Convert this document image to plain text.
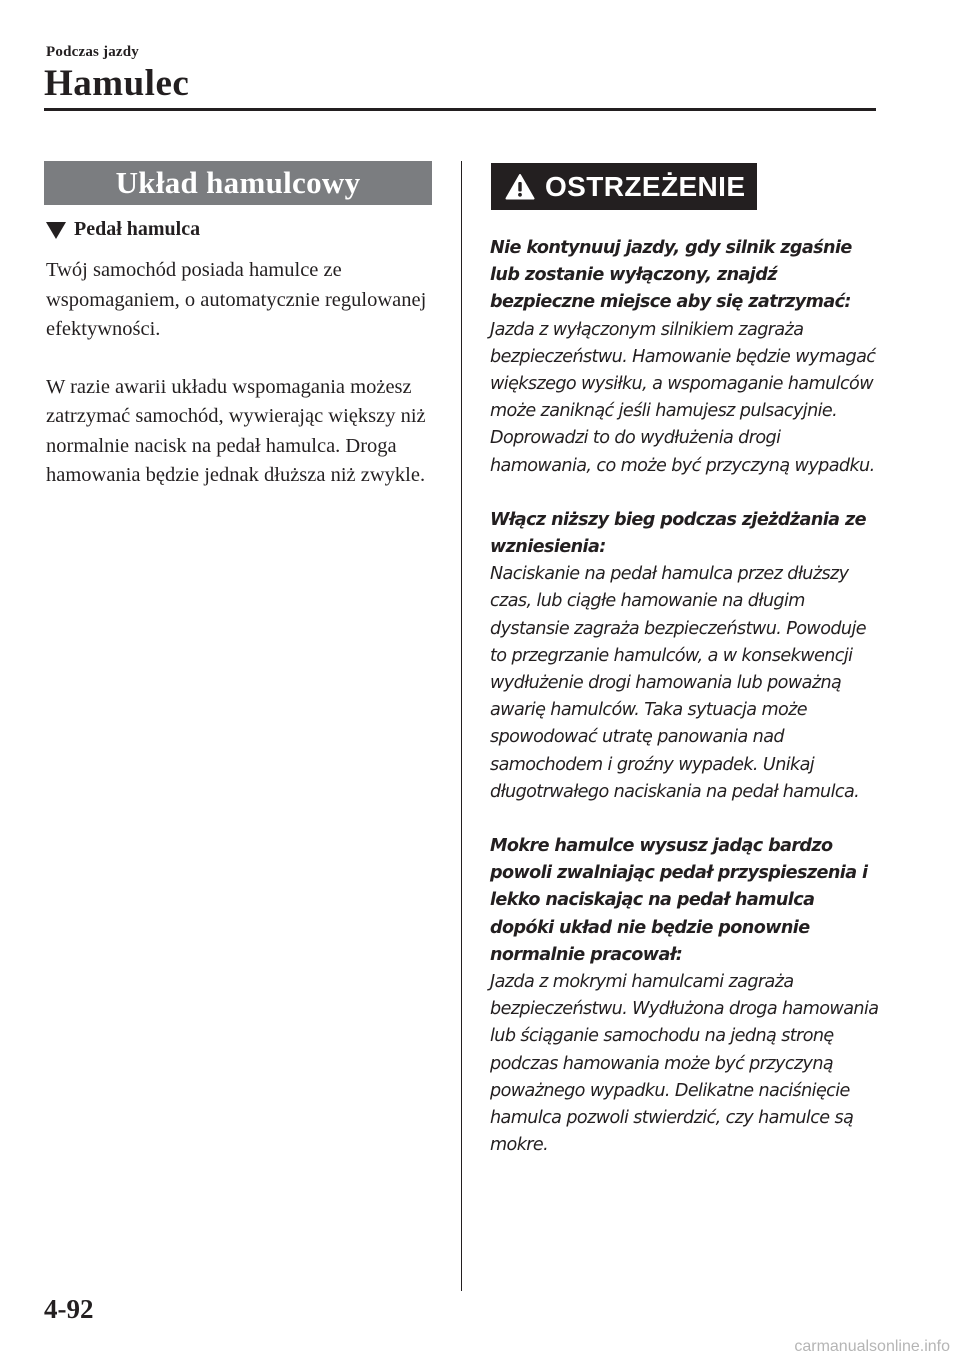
Podczas jazdy
Hamulec
Układ hamulcowy
Pedał hamulca

Twój samochód posiada hamulce ze wspomaganiem, o automatycznie regulowanej efektywności.

W razie awarii układu wspomagania możesz zatrzymać samochód, wywierając większy niż normalnie nacisk na pedał hamulca. Droga hamowania będzie jednak dłuższa niż zwykle.

OSTRZEŻENIE
Nie kontynuuj jazdy, gdy silnik zgaśnie lub zostanie wyłączony, znajdź bezpieczne miejsce aby się zatrzymać:
Jazda z wyłączonym silnikiem zagraża bezpieczeństwu. Hamowanie będzie wymagać większego wysiłku, a wspomaganie hamulców może zaniknąć jeśli hamujesz pulsacyjnie. Doprowadzi to do wydłużenia drogi hamowania, co może być przyczyną wypadku.
Włącz niższy bieg podczas zjeżdżania ze wzniesienia:
Naciskanie na pedał hamulca przez dłuższy czas, lub ciągłe hamowanie na długim dystansie zagraża bezpieczeństwu. Powoduje to przegrzanie hamulców, a w konsekwencji wydłużenie drogi hamowania lub poważną awarię hamulców. Taka sytuacja może spowodować utratę panowania nad samochodem i groźny wypadek. Unikaj długotrwałego naciskania na pedał hamulca.
Mokre hamulce wysusz jadąc bardzo powoli zwalniając pedał przyspieszenia i lekko naciskając na pedał hamulca dopóki układ nie będzie ponownie normalnie pracował:
Jazda z mokrymi hamulcami zagraża bezpieczeństwu. Wydłużona droga hamowania lub ściąganie samochodu na jedną stronę podczas hamowania może być przyczyną poważnego wypadku. Delikatne naciśnięcie hamulca pozwoli stwierdzić, czy hamulce są mokre.
4-92
carmanualsonline.info
